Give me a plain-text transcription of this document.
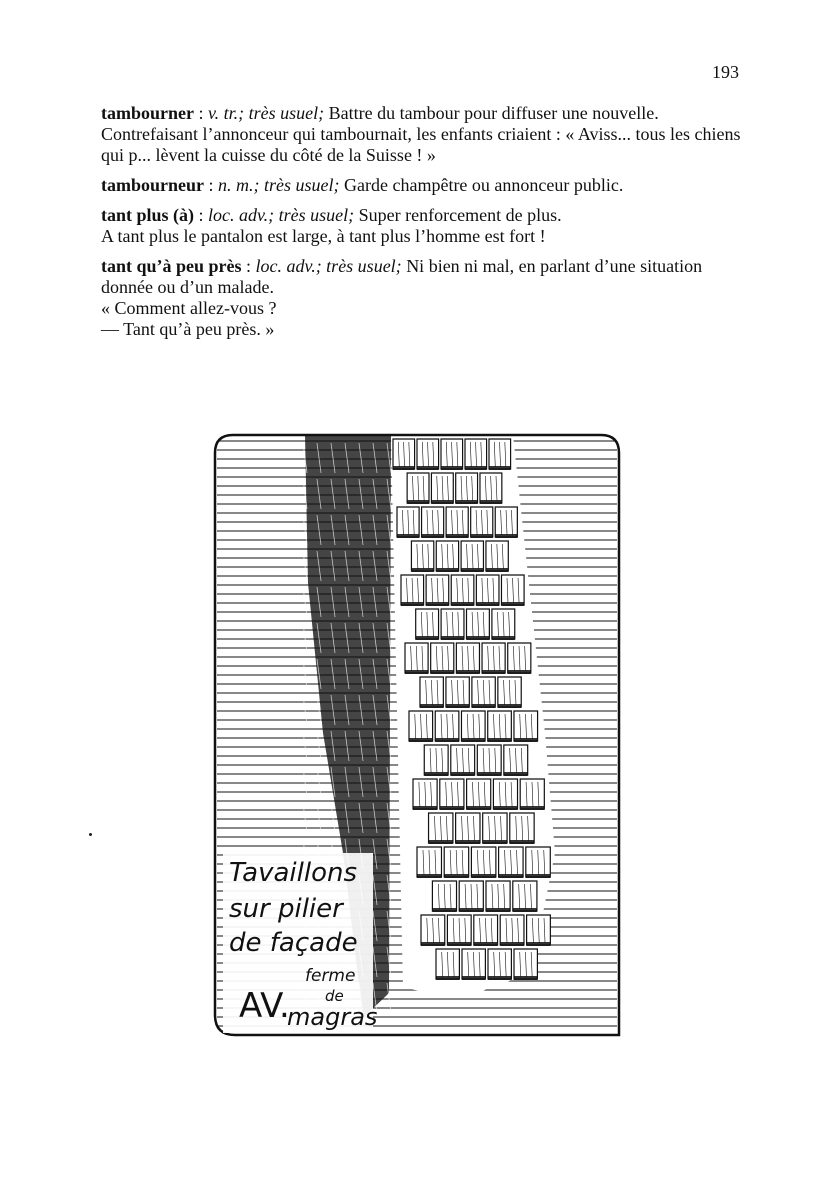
193

tambourner : v. tr.; très usuel; Battre du tambour pour diffuser une nouvelle.

Contrefaisant l’annonceur qui tambournait, les enfants criaient : « Aviss... tous les chiens qui p... lèvent la cuisse du côté de la Suisse ! »

tambourneur : n. m.; très usuel; Garde champêtre ou annonceur public.

tant plus (à) : loc. adv.; très usuel; Super renforcement de plus.

A tant plus le pantalon est large, à tant plus l’homme est fort !

tant qu’à peu près : loc. adv.; très usuel; Ni bien ni mal, en parlant d’une situation donnée ou d’un malade.

« Comment allez-vous ?

— Tant qu’à peu près. »

Tavaillons
sur pilier
de façade
AV.
ferme
de
magras
